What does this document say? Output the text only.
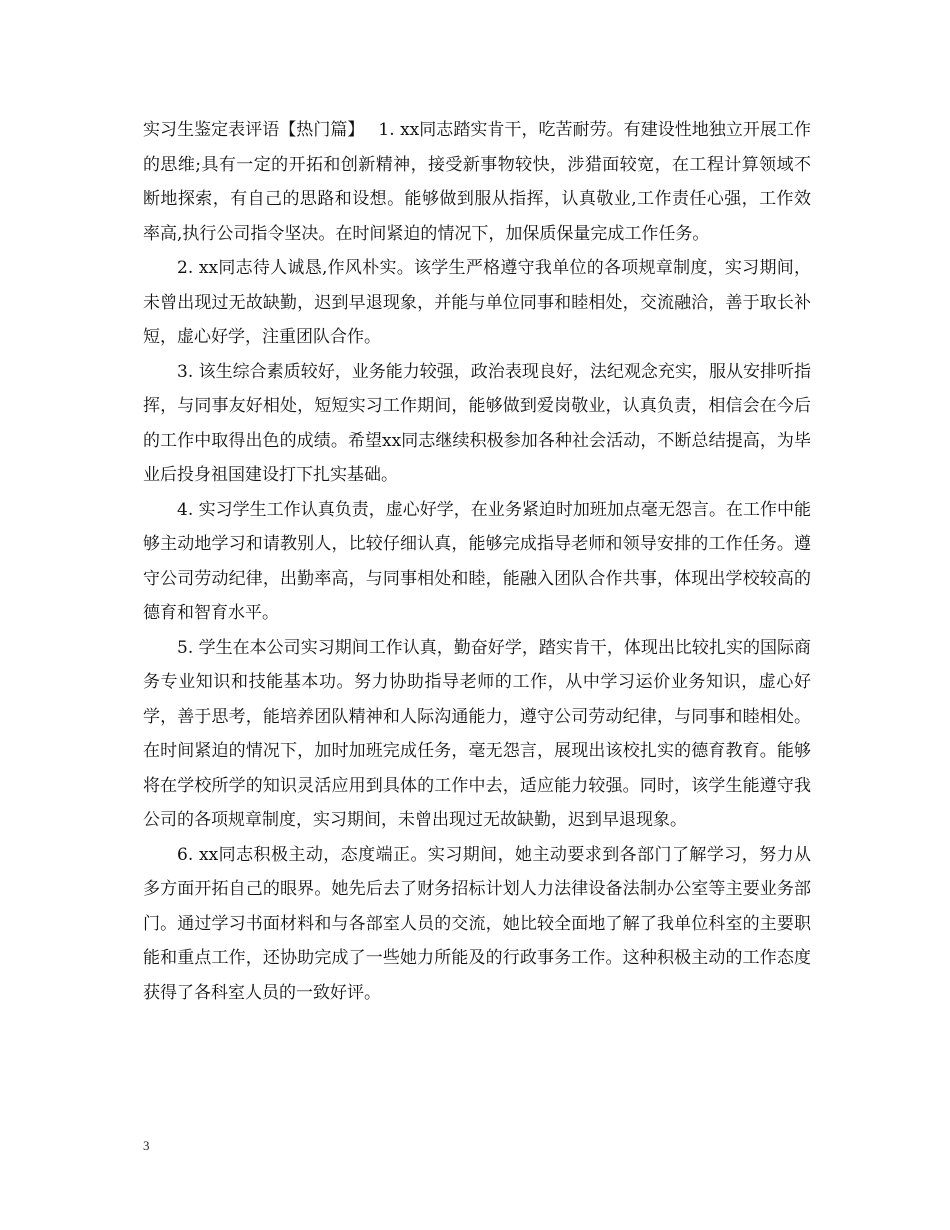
实习生鉴定表评语【热门篇】 1. xx同志踏实肯干，吃苦耐劳。有建设性地独立开展工作的思维;具有一定的开拓和创新精神，接受新事物较快，涉猎面较宽，在工程计算领域不断地探索，有自己的思路和设想。能够做到服从指挥，认真敬业,工作责任心强，工作效率高,执行公司指令坚决。在时间紧迫的情况下，加保质保量完成工作任务。

2. xx同志待人诚恳,作风朴实。该学生严格遵守我单位的各项规章制度，实习期间，未曾出现过无故缺勤，迟到早退现象，并能与单位同事和睦相处，交流融洽，善于取长补短，虚心好学，注重团队合作。

3. 该生综合素质较好，业务能力较强，政治表现良好，法纪观念充实，服从安排听指挥，与同事友好相处，短短实习工作期间，能够做到爱岗敬业，认真负责，相信会在今后的工作中取得出色的成绩。希望xx同志继续积极参加各种社会活动，不断总结提高，为毕业后投身祖国建设打下扎实基础。

4. 实习学生工作认真负责，虚心好学，在业务紧迫时加班加点毫无怨言。在工作中能够主动地学习和请教别人，比较仔细认真，能够完成指导老师和领导安排的工作任务。遵守公司劳动纪律，出勤率高，与同事相处和睦，能融入团队合作共事，体现出学校较高的德育和智育水平。

5. 学生在本公司实习期间工作认真，勤奋好学，踏实肯干，体现出比较扎实的国际商务专业知识和技能基本功。努力协助指导老师的工作，从中学习运价业务知识，虚心好学，善于思考，能培养团队精神和人际沟通能力，遵守公司劳动纪律，与同事和睦相处。在时间紧迫的情况下，加时加班完成任务，毫无怨言，展现出该校扎实的德育教育。能够将在学校所学的知识灵活应用到具体的工作中去，适应能力较强。同时，该学生能遵守我公司的各项规章制度，实习期间，未曾出现过无故缺勤，迟到早退现象。

6. xx同志积极主动，态度端正。实习期间，她主动要求到各部门了解学习，努力从多方面开拓自己的眼界。她先后去了财务招标计划人力法律设备法制办公室等主要业务部门。通过学习书面材料和与各部室人员的交流，她比较全面地了解了我单位科室的主要职能和重点工作，还协助完成了一些她力所能及的行政事务工作。这种积极主动的工作态度获得了各科室人员的一致好评。

3
